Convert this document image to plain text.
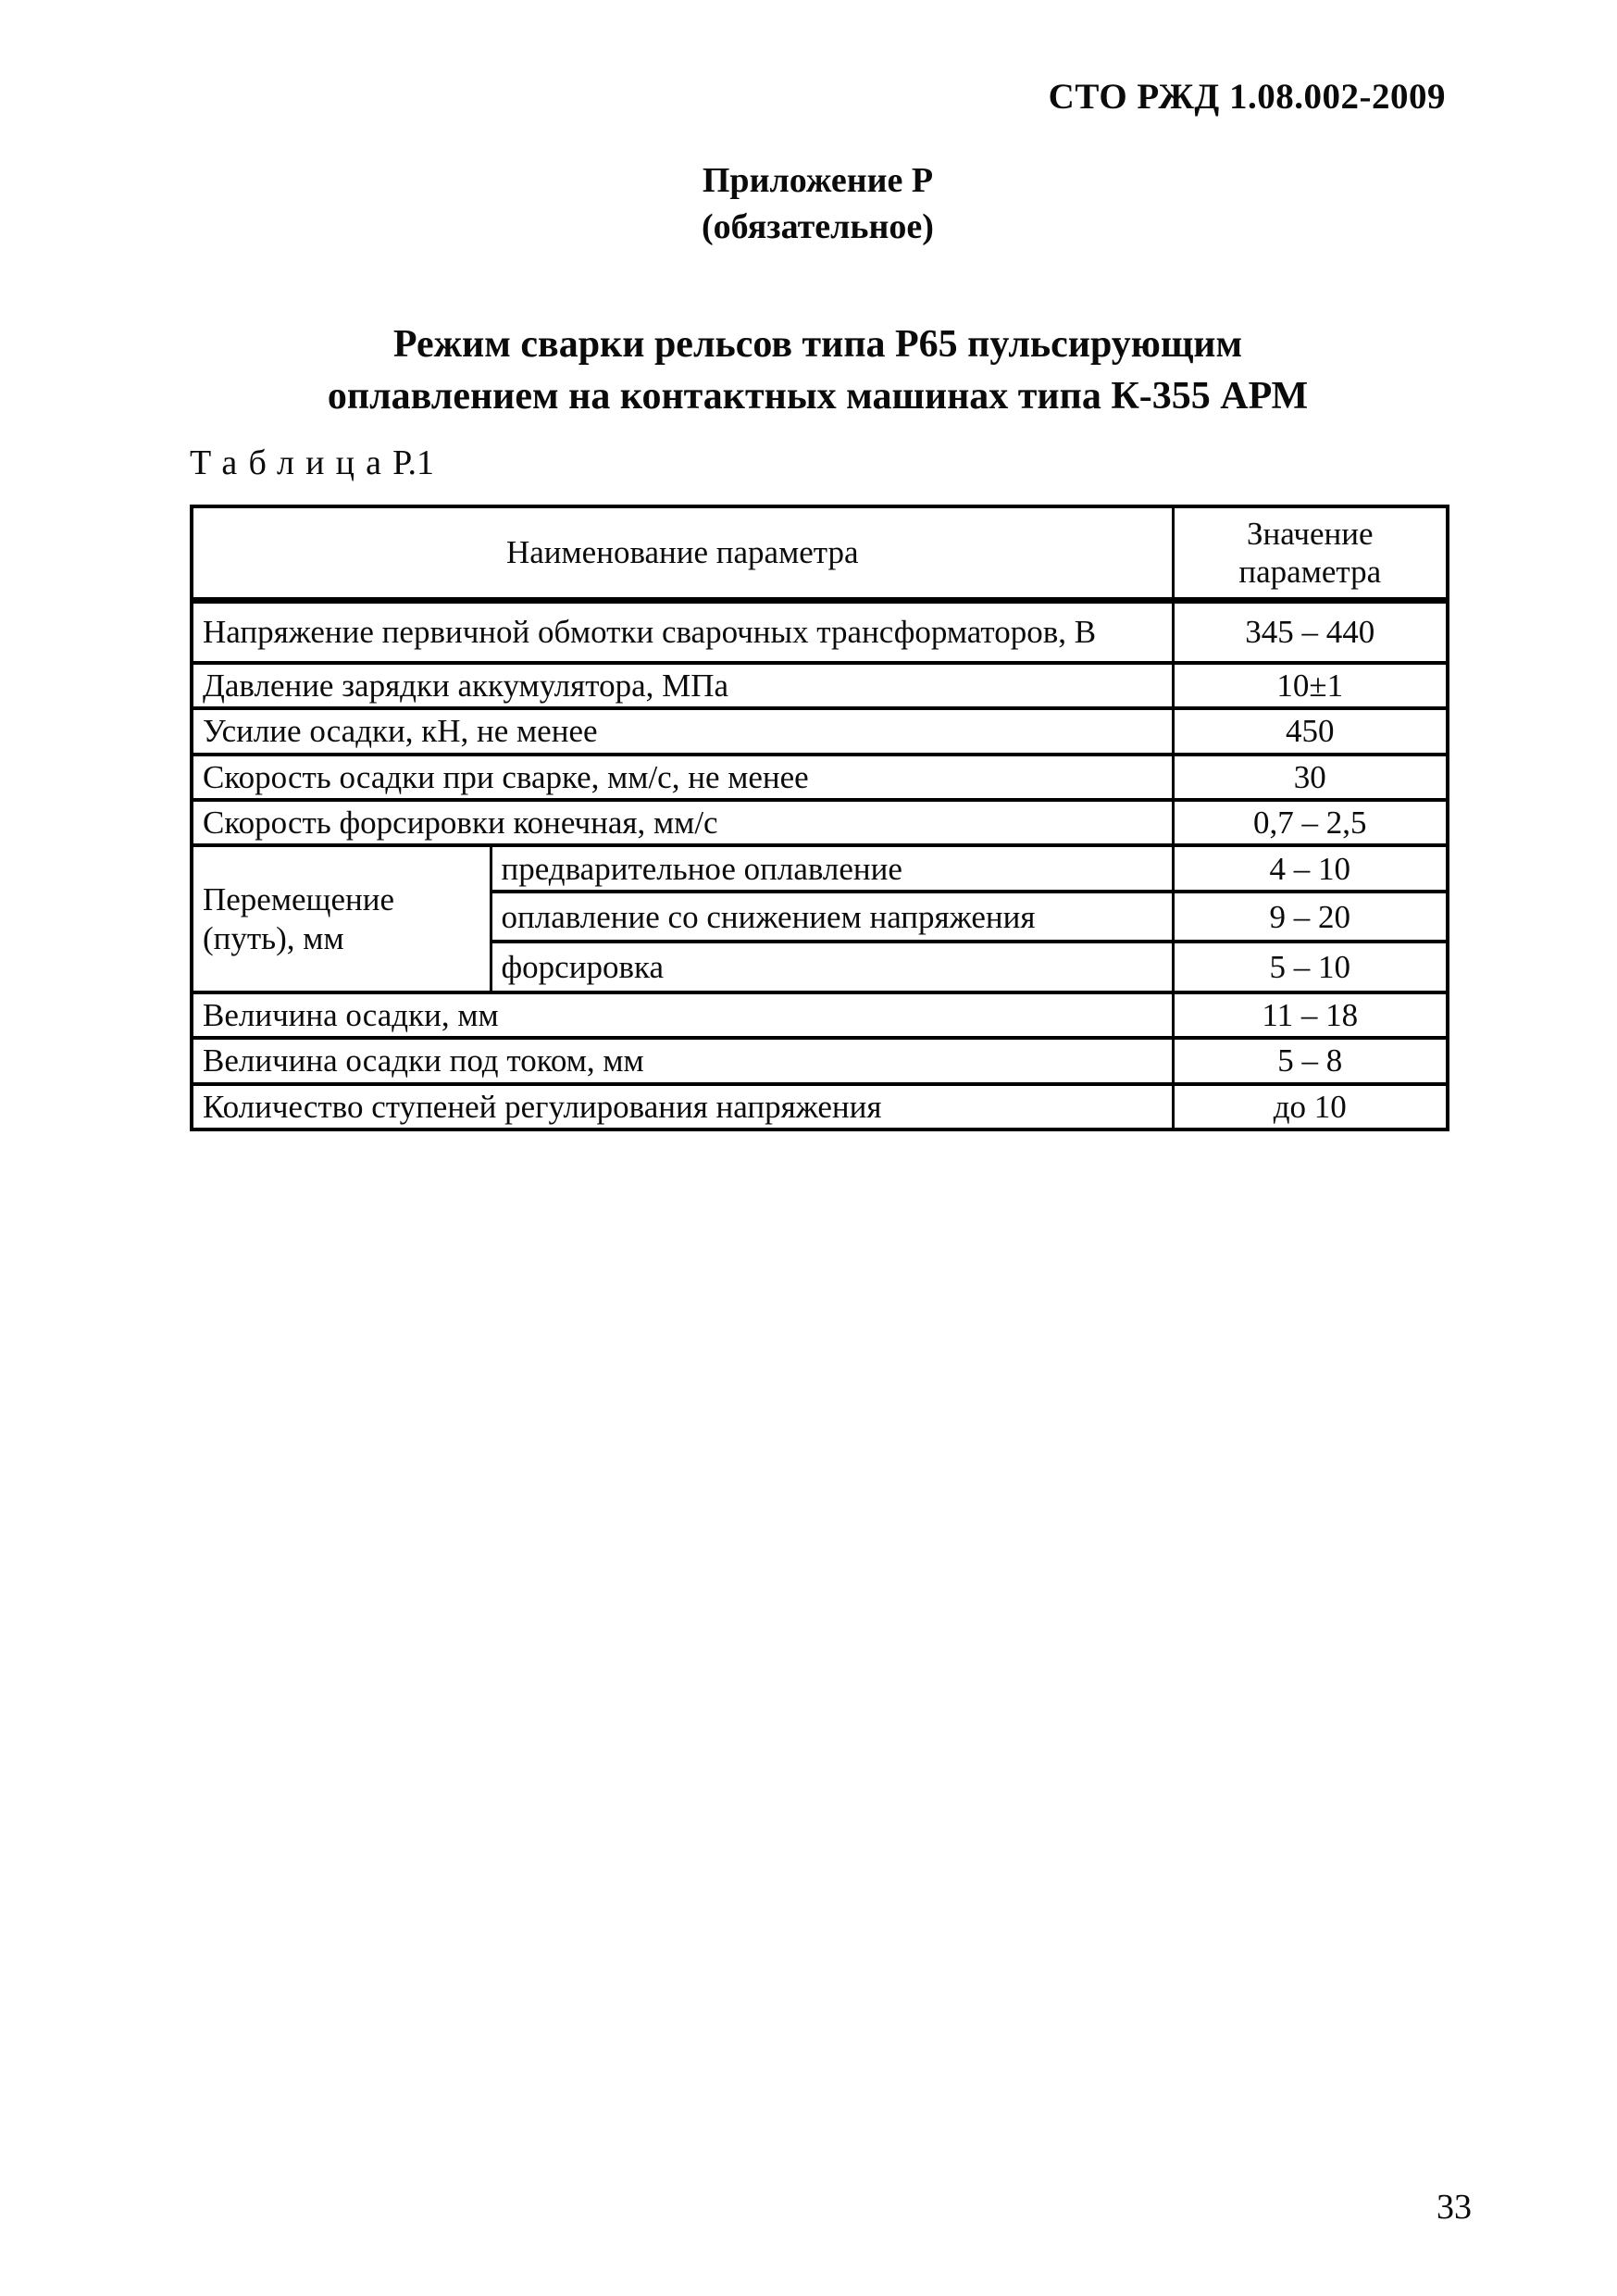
СТО РЖД 1.08.002-2009
Приложение Р
(обязательное)
Режим сварки рельсов типа Р65 пульсирующим
оплавлением на контактных машинах типа К-355 АРМ
ТаблицаР.1
Наименование параметра		Значение параметра
Напряжение первичной обмотки сварочных трансформаторов, В		345 – 440
Давление зарядки аккумулятора, МПа		10±1
Усилие осадки, кН, не менее		450
Скорость осадки при сварке, мм/с, не менее		30
Скорость форсировки конечная, мм/с		0,7 – 2,5
Перемещение (путь), мм	предварительное оплавление	4 – 10
	оплавление со снижением напряжения	9 – 20
	форсировка	5 – 10
Величина осадки, мм		11 – 18
Величина осадки под током, мм		5 – 8
Количество ступеней регулирования напряжения		до 10
33
